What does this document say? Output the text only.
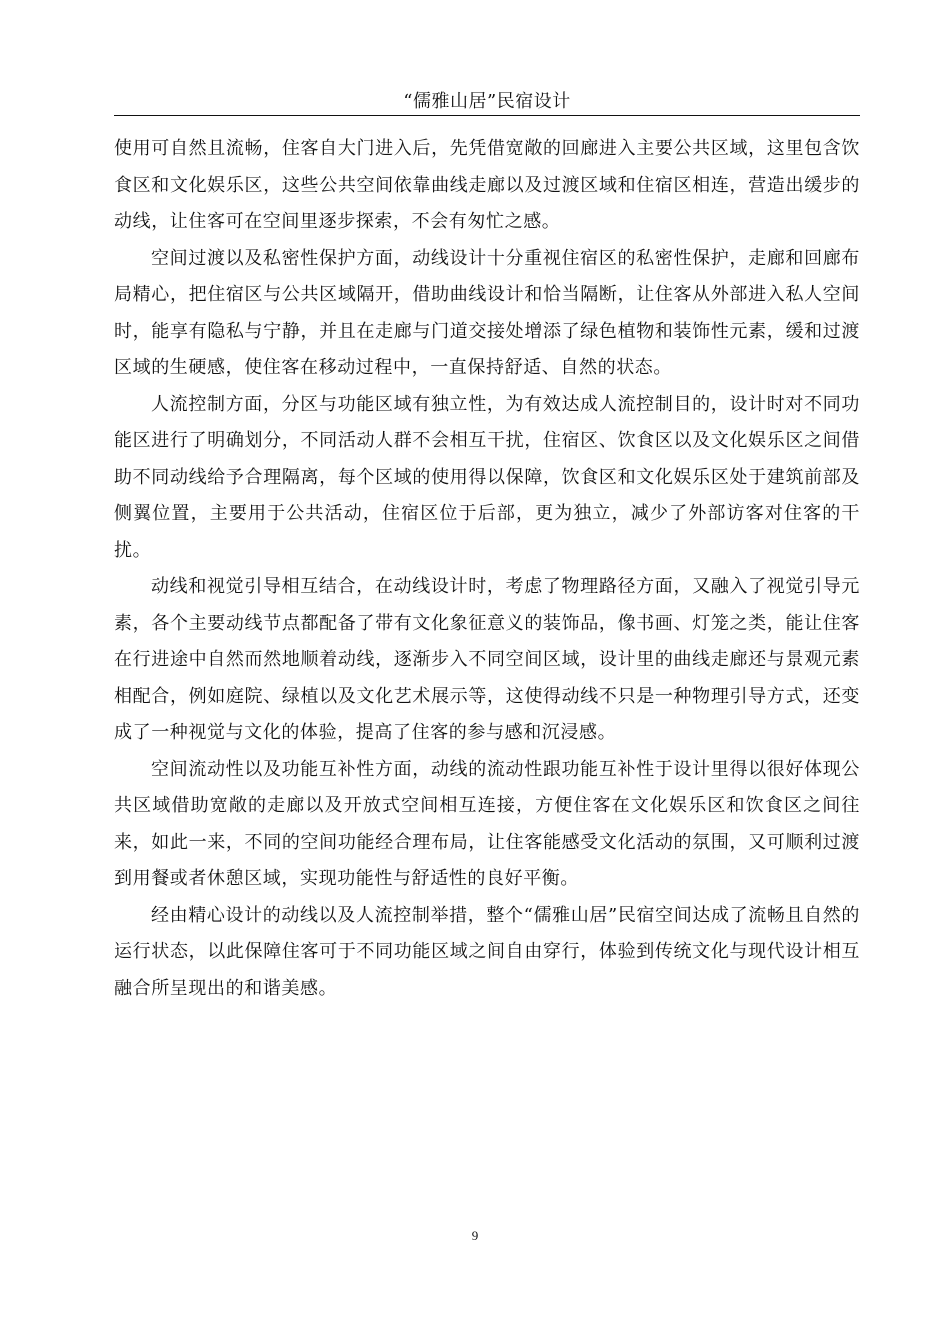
“儒雅山居”民宿设计

使用可自然且流畅，住客自大门进入后，先凭借宽敞的回廊进入主要公共区域，这里包含饮食区和文化娱乐区，这些公共空间依靠曲线走廊以及过渡区域和住宿区相连，营造出缓步的动线，让住客可在空间里逐步探索，不会有匆忙之感。

空间过渡以及私密性保护方面，动线设计十分重视住宿区的私密性保护，走廊和回廊布局精心，把住宿区与公共区域隔开，借助曲线设计和恰当隔断，让住客从外部进入私人空间时，能享有隐私与宁静，并且在走廊与门道交接处增添了绿色植物和装饰性元素，缓和过渡区域的生硬感，使住客在移动过程中，一直保持舒适、自然的状态。

人流控制方面，分区与功能区域有独立性，为有效达成人流控制目的，设计时对不同功能区进行了明确划分，不同活动人群不会相互干扰，住宿区、饮食区以及文化娱乐区之间借助不同动线给予合理隔离，每个区域的使用得以保障，饮食区和文化娱乐区处于建筑前部及侧翼位置，主要用于公共活动，住宿区位于后部，更为独立，减少了外部访客对住客的干扰。

动线和视觉引导相互结合，在动线设计时，考虑了物理路径方面，又融入了视觉引导元素，各个主要动线节点都配备了带有文化象征意义的装饰品，像书画、灯笼之类，能让住客在行进途中自然而然地顺着动线，逐渐步入不同空间区域，设计里的曲线走廊还与景观元素相配合，例如庭院、绿植以及文化艺术展示等，这使得动线不只是一种物理引导方式，还变成了一种视觉与文化的体验，提高了住客的参与感和沉浸感。

空间流动性以及功能互补性方面，动线的流动性跟功能互补性于设计里得以很好体现公共区域借助宽敞的走廊以及开放式空间相互连接，方便住客在文化娱乐区和饮食区之间往来，如此一来，不同的空间功能经合理布局，让住客能感受文化活动的氛围，又可顺利过渡到用餐或者休憩区域，实现功能性与舒适性的良好平衡。

经由精心设计的动线以及人流控制举措，整个“儒雅山居”民宿空间达成了流畅且自然的运行状态，以此保障住客可于不同功能区域之间自由穿行，体验到传统文化与现代设计相互融合所呈现出的和谐美感。

9
